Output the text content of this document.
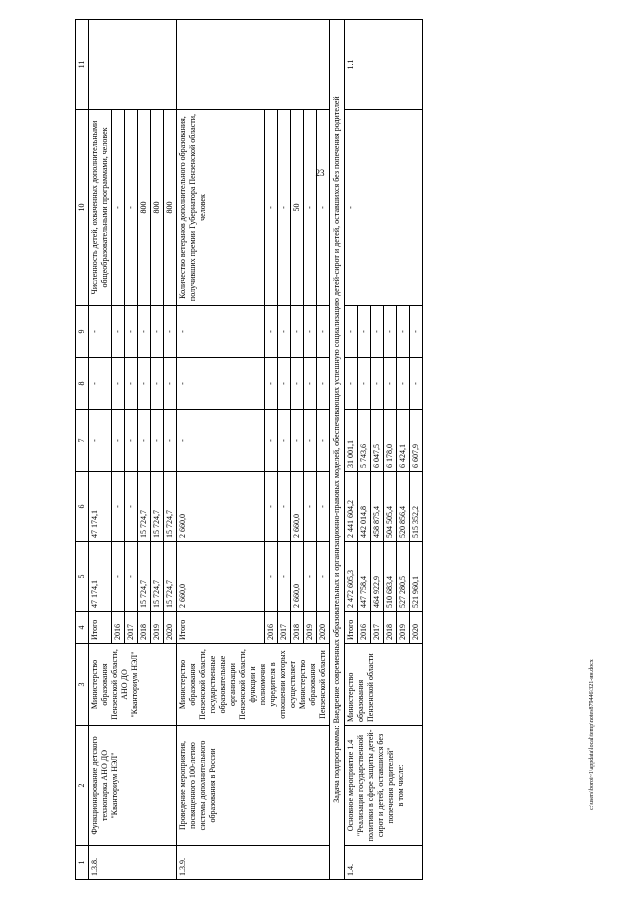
23
1	2	3	4	5	6	7	8	9	10	11
1.3.8.	Функционирование детского технопарка АНО ДО "Кванториум НЭЛ"	Министерство образования Пензенской области, АНО ДО "Кванториум НЭЛ"	Итого	47 174,1	47 174,1	-	-	-	Численность детей, охваченных дополнительными общеобразовательными программами, человек	
			2016	-	-	-	-	-	-	
			2017	-	-	-	-	-	-	
			2018	15 724,7	15 724,7	-	-	-	800	
			2019	15 724,7	15 724,7	-	-	-	800	
			2020	15 724,7	15 724,7	-	-	-	800	
1.3.9.	Проведение мероприятия, посвященного 100-летию системы дополнительного образования в России	Министерство образования Пензенской области, государственные образовательные организации Пензенской области, функции и полномочия учредителя в отношении которых осуществляет Министерство образования Пензенской области	Итого	2 660,0	2 660,0	-	-	-	Количество ветеранов дополнительного образования, получивших премии Губернатора Пензенской области, человек	
			2016	-	-	-	-	-	-	
			2017	-	-	-	-	-	-	
			2018	2 660,0	2 660,0	-	-	-	50	
			2019	-	-	-	-	-	-	
			2020	-	-	-	-	-	-	
Задача подпрограммы: Внедрение современных образовательных и организационно-правовых моделей, обеспечивающих успешную социализацию детей-сирот и детей, оставшихся без попечения родителей										
1.4.	Основное мероприятие 1.4 "Реализация государственной политики в сфере защиты детей-сирот и детей, оставшихся без попечения родителей" в том числе:	Министерство образования Пензенской области	Итого	2 472 605,3	2 441 604,2	31 001,1	-	-	-	1.1
			2016	447 758,4	442 014,8	5 743,6	-	-		
			2017	464 922,9	458 875,4	6 047,5	-	-		
			2018	510 683,4	504 505,4	6 178,0	-	-		
			2019	527 280,5	520 856,4	6 424,1	-	-		
			2020	521 960,1	515 352,2	6 607,9	-	-		
c:\users\boroi~1\appdata\local\temp\notes879446\321-ин.docx
